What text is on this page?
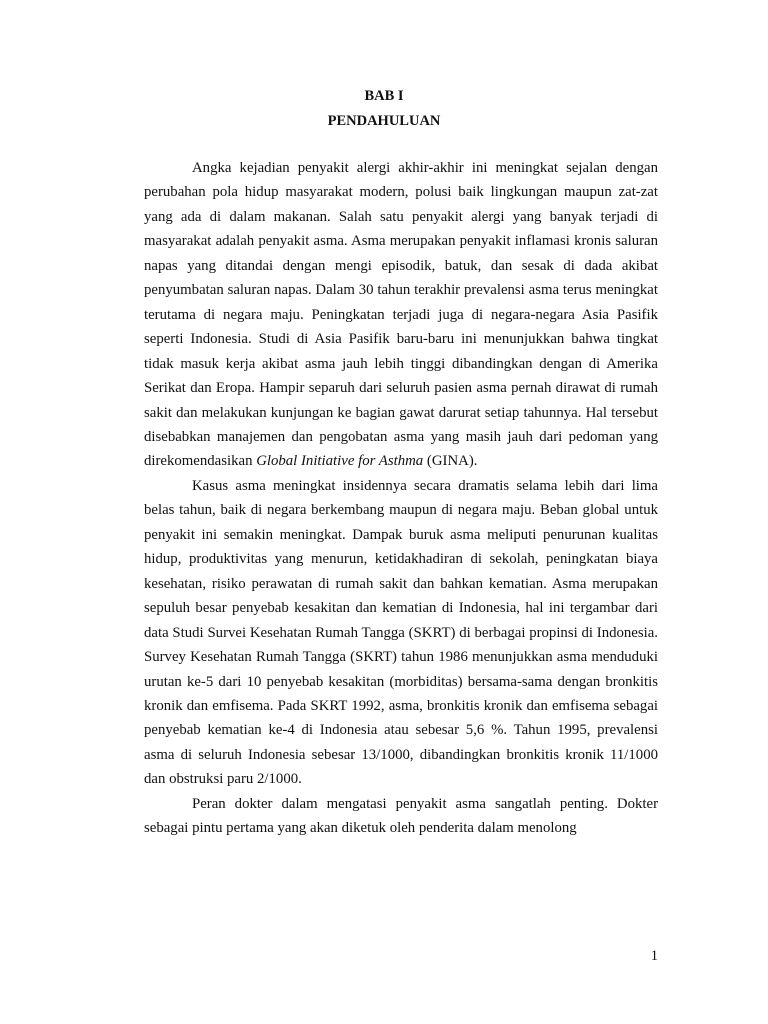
BAB I
PENDAHULUAN

Angka kejadian penyakit alergi akhir-akhir ini meningkat sejalan dengan perubahan pola hidup masyarakat modern, polusi baik lingkungan maupun zat-zat yang ada di dalam makanan. Salah satu penyakit alergi yang banyak terjadi di masyarakat adalah penyakit asma. Asma merupakan penyakit inflamasi kronis saluran napas yang ditandai dengan mengi episodik, batuk, dan sesak di dada akibat penyumbatan saluran napas. Dalam 30 tahun terakhir prevalensi asma terus meningkat terutama di negara maju. Peningkatan terjadi juga di negara-negara Asia Pasifik seperti Indonesia. Studi di Asia Pasifik baru-baru ini menunjukkan bahwa tingkat tidak masuk kerja akibat asma jauh lebih tinggi dibandingkan dengan di Amerika Serikat dan Eropa. Hampir separuh dari seluruh pasien asma pernah dirawat di rumah sakit dan melakukan kunjungan ke bagian gawat darurat setiap tahunnya. Hal tersebut disebabkan manajemen dan pengobatan asma yang masih jauh dari pedoman yang direkomendasikan Global Initiative for Asthma (GINA).

Kasus asma meningkat insidennya secara dramatis selama lebih dari lima belas tahun, baik di negara berkembang maupun di negara maju. Beban global untuk penyakit ini semakin meningkat. Dampak buruk asma meliputi penurunan kualitas hidup, produktivitas yang menurun, ketidakhadiran di sekolah, peningkatan biaya kesehatan, risiko perawatan di rumah sakit dan bahkan kematian. Asma merupakan sepuluh besar penyebab kesakitan dan kematian di Indonesia, hal ini tergambar dari data Studi Survei Kesehatan Rumah Tangga (SKRT) di berbagai propinsi di Indonesia. Survey Kesehatan Rumah Tangga (SKRT) tahun 1986 menunjukkan asma menduduki urutan ke-5 dari 10 penyebab kesakitan (morbiditas) bersama-sama dengan bronkitis kronik dan emfisema. Pada SKRT 1992, asma, bronkitis kronik dan emfisema sebagai penyebab kematian ke-4 di Indonesia atau sebesar 5,6 %. Tahun 1995, prevalensi asma di seluruh Indonesia sebesar 13/1000, dibandingkan bronkitis kronik 11/1000 dan obstruksi paru 2/1000.

Peran dokter dalam mengatasi penyakit asma sangatlah penting. Dokter sebagai pintu pertama yang akan diketuk oleh penderita dalam menolong

1
